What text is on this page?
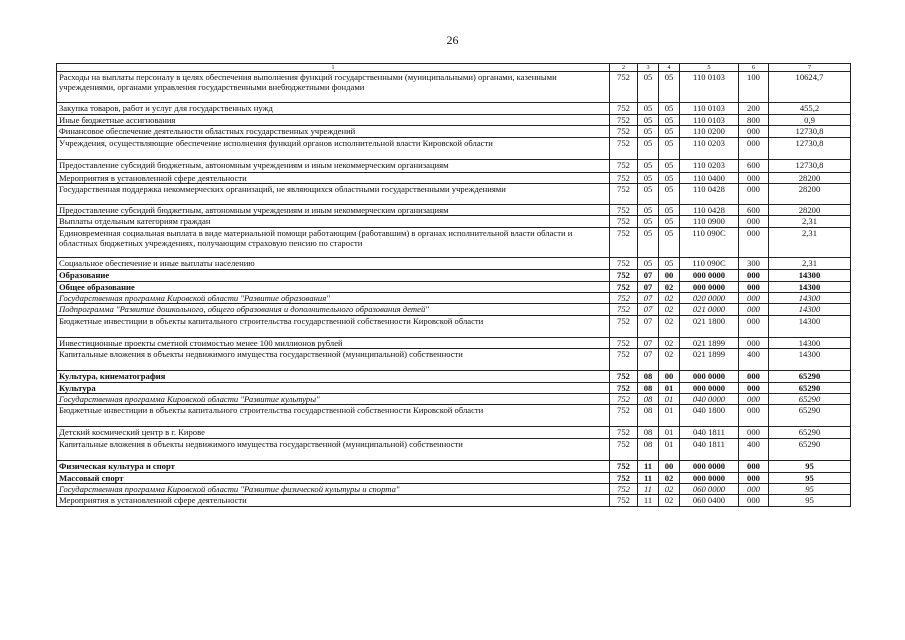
26
1	2	3	4	5	6	7
Расходы на выплаты персоналу в целях обеспечения выполнения функций государственными (муниципальными) органами, казенными учреждениями, органами управления государственными внебюджетными фондами	752	05	05	110 0103	100	10624,7
Закупка товаров, работ и услуг для государственных нужд	752	05	05	110 0103	200	455,2
Иные бюджетные ассигнования	752	05	05	110 0103	800	0,9
Финансовое обеспечение деятельности областных государственных учреждений	752	05	05	110 0200	000	12730,8
Учреждения, осуществляющие обеспечение исполнения функций органов исполнительной власти Кировской области	752	05	05	110 0203	000	12730,8
Предоставление субсидий бюджетным, автономным учреждениям и иным некоммерческим организациям	752	05	05	110 0203	600	12730,8
Мероприятия в установленной сфере деятельности	752	05	05	110 0400	000	28200
Государственная поддержка некоммерческих организаций, не являющихся областными государственными учреждениями	752	05	05	110 0428	000	28200
Предоставление субсидий бюджетным, автономным учреждениям и иным некоммерческим организациям	752	05	05	110 0428	600	28200
Выплаты отдельным категориям граждан	752	05	05	110 0900	000	2,31
Единовременная социальная выплата в виде материальной помощи работающим (работавшим) в органах исполнительной власти области и областных бюджетных учреждениях, получающим страховую пенсию по старости	752	05	05	110 090С	000	2,31
Социальное обеспечение и иные выплаты населению	752	05	05	110 090С	300	2,31
Образование	752	07	00	000 0000	000	14300
Общее образование	752	07	02	000 0000	000	14300
Государственная программа Кировской области "Развитие образования"	752	07	02	020 0000	000	14300
Подпрограмма "Развитие дошкольного, общего образования и дополнительного образования детей"	752	07	02	021 0000	000	14300
Бюджетные инвестиции в объекты капитального строительства государственной собственности Кировской области	752	07	02	021 1800	000	14300
Инвестиционные проекты сметной стоимостью менее 100 миллионов рублей	752	07	02	021 1899	000	14300
Капитальные вложения в объекты недвижимого имущества государственной (муниципальной) собственности	752	07	02	021 1899	400	14300
Культура, кинематография	752	08	00	000 0000	000	65290
Культура	752	08	01	000 0000	000	65290
Государственная программа Кировской области "Развитие культуры"	752	08	01	040 0000	000	65290
Бюджетные инвестиции в объекты капитального строительства государственной собственности Кировской области	752	08	01	040 1800	000	65290
Детский космический центр в г. Кирове	752	08	01	040 1811	000	65290
Капитальные вложения в объекты недвижимого имущества государственной (муниципальной) собственности	752	08	01	040 1811	400	65290
Физическая культура и спорт	752	11	00	000 0000	000	95
Массовый спорт	752	11	02	000 0000	000	95
Государственная программа Кировской области "Развитие физической культуры и спорта"	752	11	02	060 0000	000	95
Мероприятия в установленной сфере деятельности	752	11	02	060 0400	000	95
